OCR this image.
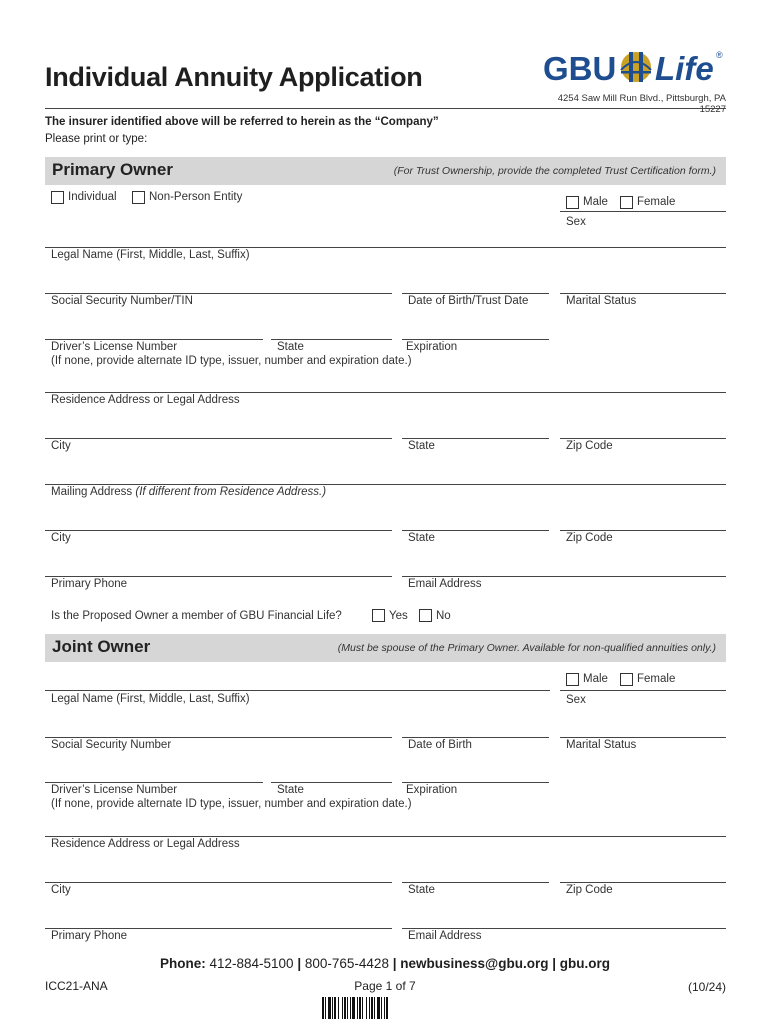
Individual Annuity Application	GBU Life ®
4254 Saw Mill Run Blvd., Pittsburgh, PA 15227
The insurer identified above will be referred to herein as the “Company”
Please print or type:
Primary Owner	(For Trust Ownership, provide the completed Trust Certification form.)
Individual	Non-Person Entity	Male	Female
Sex
Legal Name (First, Middle, Last, Suffix)
Social Security Number/TIN	Date of Birth/Trust Date	Marital Status
Driver’s License Number	State	Expiration
(If none, provide alternate ID type, issuer, number and expiration date.)
Residence Address or Legal Address
City	State	Zip Code
Mailing Address (If different from Residence Address.)
City	State	Zip Code
Primary Phone	Email Address
Is the Proposed Owner a member of GBU Financial Life?	Yes No
Joint Owner	(Must be spouse of the Primary Owner. Available for non-qualified annuities only.)
Male	Female
Legal Name (First, Middle, Last, Suffix)	Sex
Social Security Number	Date of Birth	Marital Status
Driver’s License Number	State	Expiration
(If none, provide alternate ID type, issuer, number and expiration date.)
Residence Address or Legal Address
City	State	Zip Code
Primary Phone	Email Address
Phone: 412-884-5100 | 800-765-4428 | newbusiness@gbu.org | gbu.org
ICC21-ANA	Page 1 of 7	(10/24)
